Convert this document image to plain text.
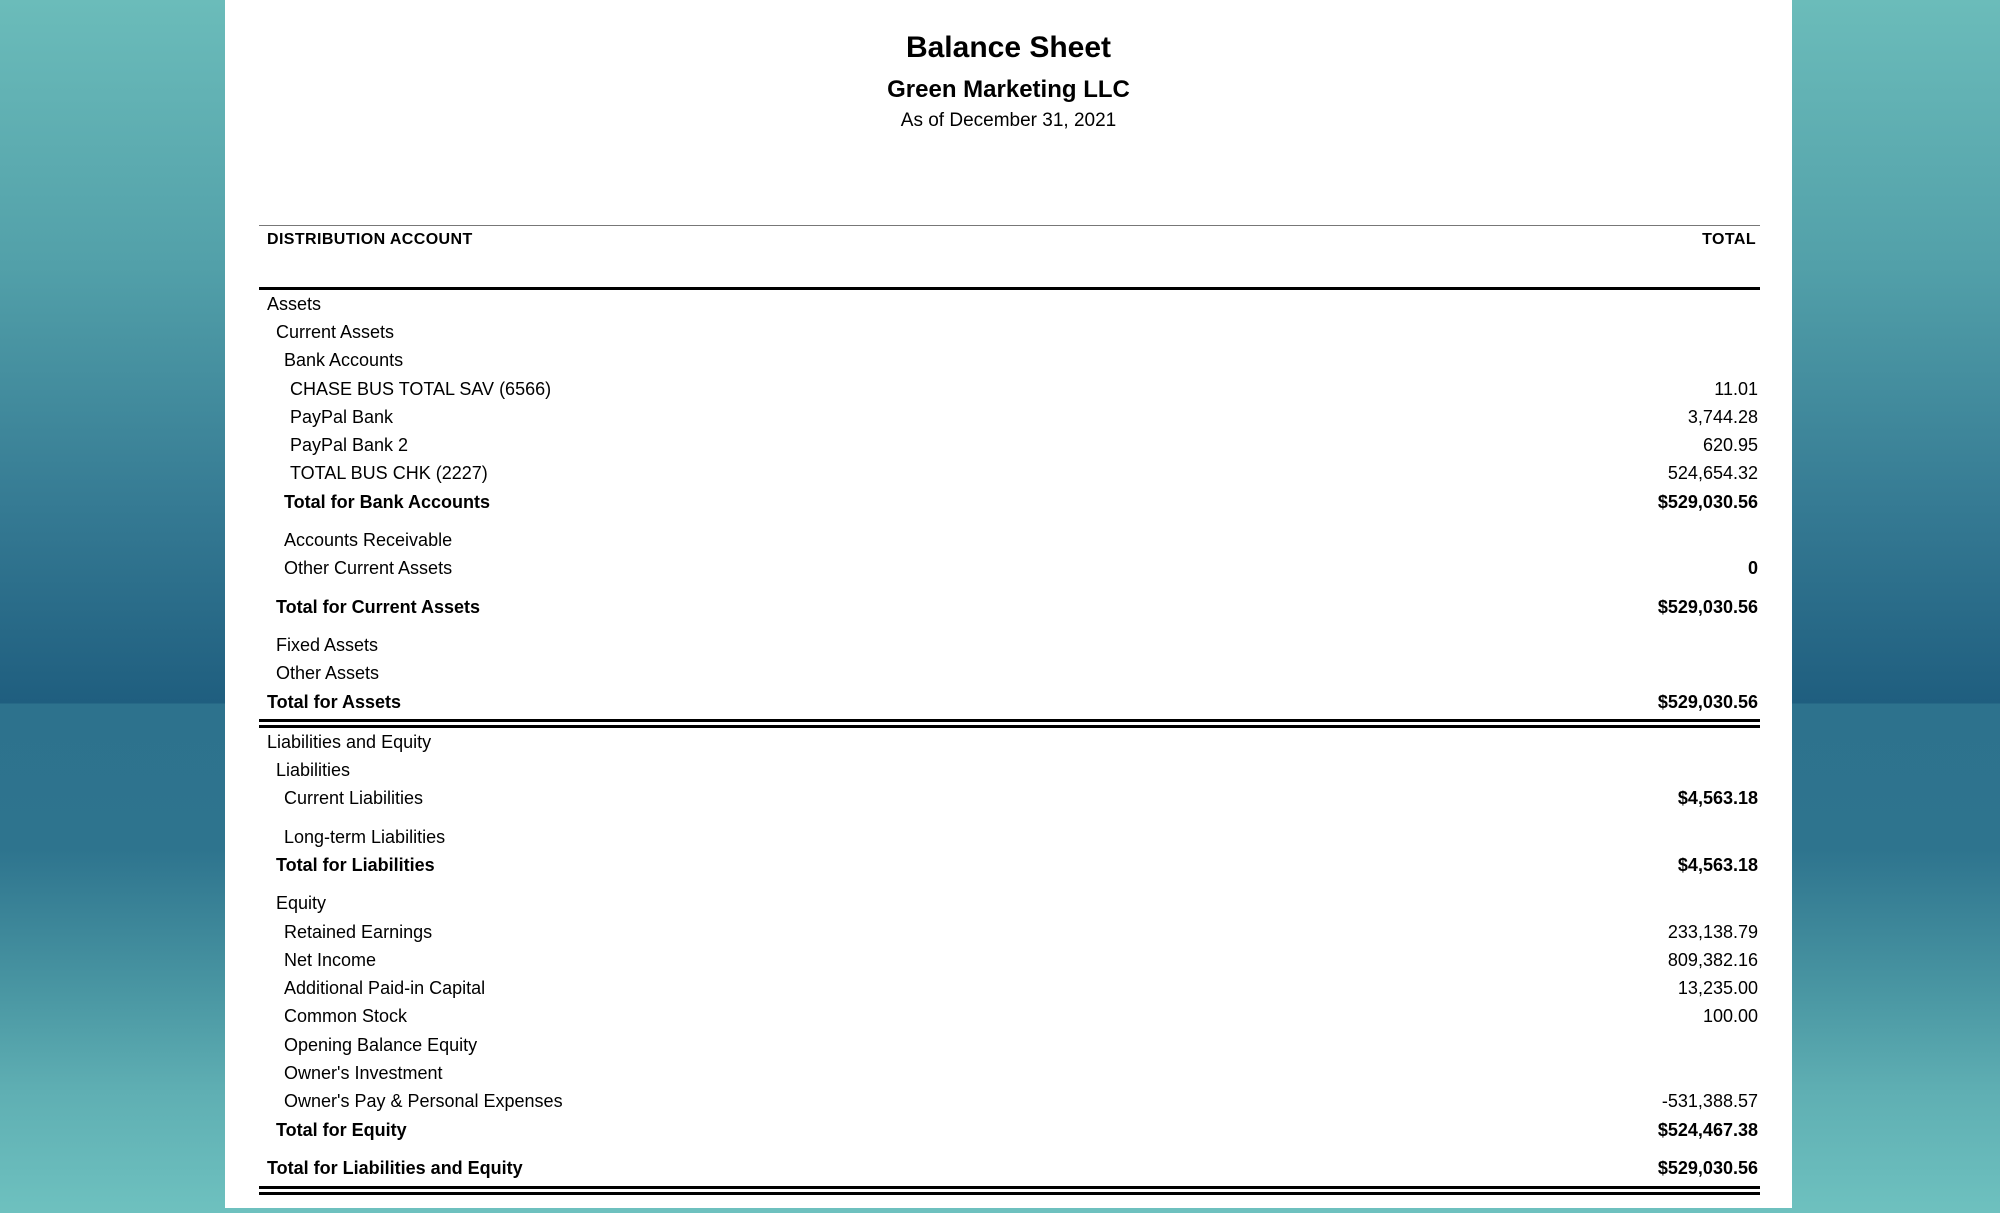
Balance Sheet
Green Marketing LLC
As of December 31, 2021
DISTRIBUTION ACCOUNT	TOTAL
Assets
Current Assets
Bank Accounts
CHASE BUS TOTAL SAV (6566)	11.01
PayPal Bank	3,744.28
PayPal Bank 2	620.95
TOTAL BUS CHK (2227)	524,654.32
Total for Bank Accounts	$529,030.56
Accounts Receivable
Other Current Assets	0
Total for Current Assets	$529,030.56
Fixed Assets
Other Assets
Total for Assets	$529,030.56
Liabilities and Equity
Liabilities
Current Liabilities	$4,563.18
Long-term Liabilities
Total for Liabilities	$4,563.18
Equity
Retained Earnings	233,138.79
Net Income	809,382.16
Additional Paid-in Capital	13,235.00
Common Stock	100.00
Opening Balance Equity
Owner's Investment
Owner's Pay & Personal Expenses	-531,388.57
Total for Equity	$524,467.38
Total for Liabilities and Equity	$529,030.56
